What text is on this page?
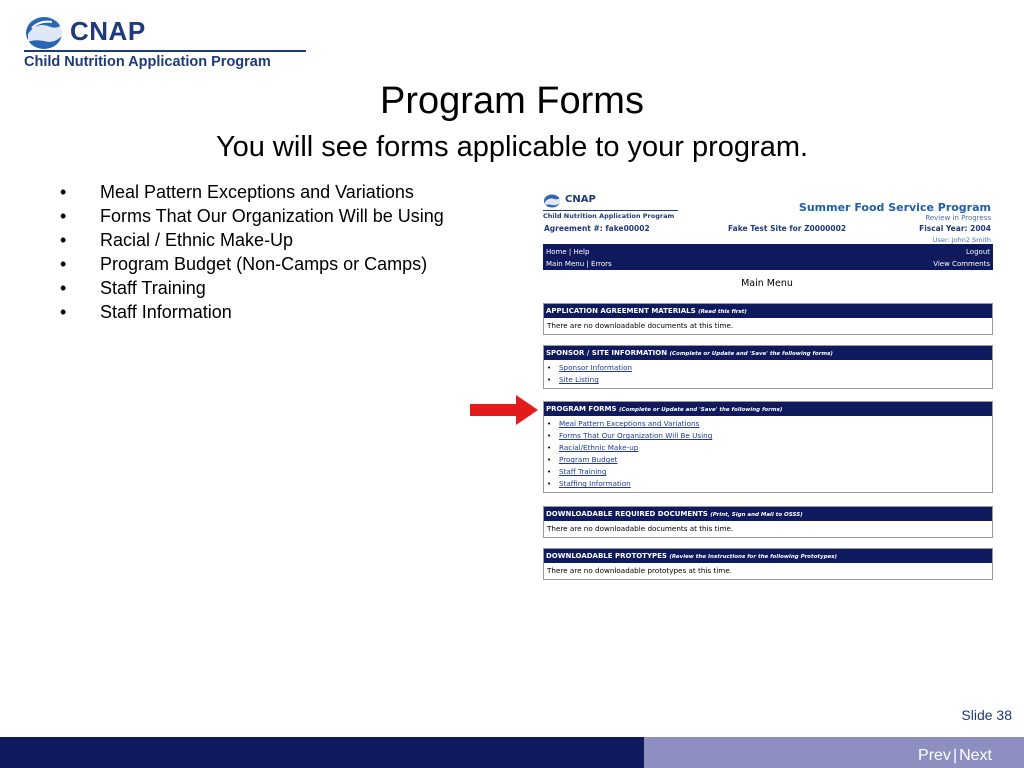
CNAP
Child Nutrition Application Program
Program Forms
You will see forms applicable to your program.
•	Meal Pattern Exceptions and Variations
•	Forms That Our Organization Will be Using
•	Racial / Ethnic Make-Up
•	Program Budget (Non-Camps or Camps)
•	Staff Training
•	Staff Information
CNAP
Child Nutrition Application Program
Summer Food Service Program
Review in Progress
Agreement #: fake00002	Fake Test Site for Z0000002	Fiscal Year: 2004
User: John2 Smith
Home | Help
Main Menu | Errors
Logout
View Comments
Main Menu
APPLICATION AGREEMENT MATERIALS (Read this first)
There are no downloadable documents at this time.
SPONSOR / SITE INFORMATION (Complete or Update and 'Save' the following forms)
• Sponsor Information
• Site Listing
PROGRAM FORMS (Complete or Update and 'Save' the following forms)
• Meal Pattern Exceptions and Variations
• Forms That Our Organization Will Be Using
• Racial/Ethnic Make-up
• Program Budget
• Staff Training
• Staffing Information
DOWNLOADABLE REQUIRED DOCUMENTS (Print, Sign and Mail to OSSS)
There are no downloadable documents at this time.
DOWNLOADABLE PROTOTYPES (Review the Instructions for the following Prototypes)
There are no downloadable prototypes at this time.
Slide 38
Prev | Next
